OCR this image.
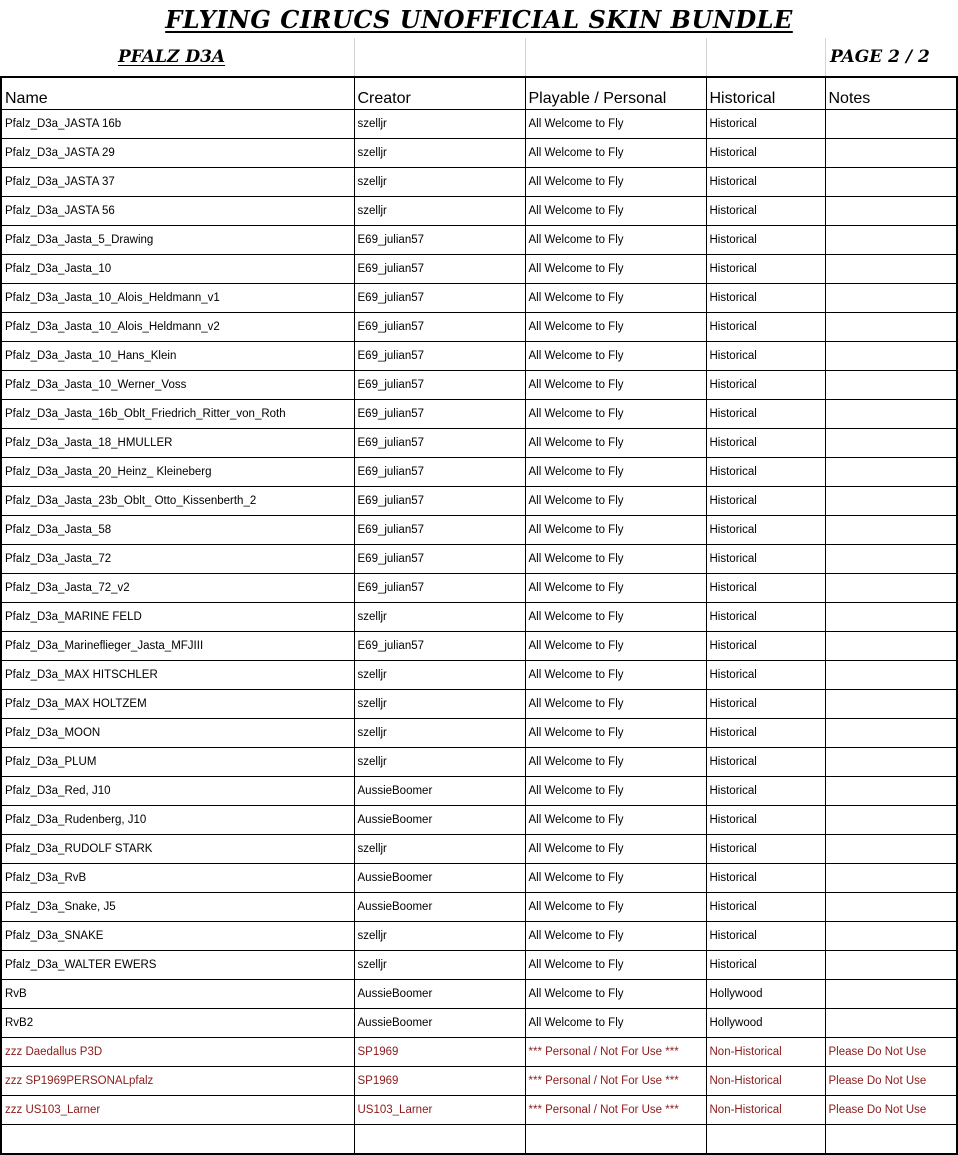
FLYING CIRUCS UNOFFICIAL SKIN BUNDLE
PFALZ D3A	PAGE 2 / 2
Name	Creator	Playable / Personal	Historical	Notes
Pfalz_D3a_JASTA 16b	szelljr	All Welcome to Fly	Historical	
Pfalz_D3a_JASTA 29	szelljr	All Welcome to Fly	Historical	
Pfalz_D3a_JASTA 37	szelljr	All Welcome to Fly	Historical	
Pfalz_D3a_JASTA 56	szelljr	All Welcome to Fly	Historical	
Pfalz_D3a_Jasta_5_Drawing	E69_julian57	All Welcome to Fly	Historical	
Pfalz_D3a_Jasta_10	E69_julian57	All Welcome to Fly	Historical	
Pfalz_D3a_Jasta_10_Alois_Heldmann_v1	E69_julian57	All Welcome to Fly	Historical	
Pfalz_D3a_Jasta_10_Alois_Heldmann_v2	E69_julian57	All Welcome to Fly	Historical	
Pfalz_D3a_Jasta_10_Hans_Klein	E69_julian57	All Welcome to Fly	Historical	
Pfalz_D3a_Jasta_10_Werner_Voss	E69_julian57	All Welcome to Fly	Historical	
Pfalz_D3a_Jasta_16b_Oblt_Friedrich_Ritter_von_Roth	E69_julian57	All Welcome to Fly	Historical	
Pfalz_D3a_Jasta_18_HMULLER	E69_julian57	All Welcome to Fly	Historical	
Pfalz_D3a_Jasta_20_Heinz_ Kleineberg	E69_julian57	All Welcome to Fly	Historical	
Pfalz_D3a_Jasta_23b_Oblt_ Otto_Kissenberth_2	E69_julian57	All Welcome to Fly	Historical	
Pfalz_D3a_Jasta_58	E69_julian57	All Welcome to Fly	Historical	
Pfalz_D3a_Jasta_72	E69_julian57	All Welcome to Fly	Historical	
Pfalz_D3a_Jasta_72_v2	E69_julian57	All Welcome to Fly	Historical	
Pfalz_D3a_MARINE FELD	szelljr	All Welcome to Fly	Historical	
Pfalz_D3a_Marineflieger_Jasta_MFJIII	E69_julian57	All Welcome to Fly	Historical	
Pfalz_D3a_MAX HITSCHLER	szelljr	All Welcome to Fly	Historical	
Pfalz_D3a_MAX HOLTZEM	szelljr	All Welcome to Fly	Historical	
Pfalz_D3a_MOON	szelljr	All Welcome to Fly	Historical	
Pfalz_D3a_PLUM	szelljr	All Welcome to Fly	Historical	
Pfalz_D3a_Red, J10	AussieBoomer	All Welcome to Fly	Historical	
Pfalz_D3a_Rudenberg, J10	AussieBoomer	All Welcome to Fly	Historical	
Pfalz_D3a_RUDOLF STARK	szelljr	All Welcome to Fly	Historical	
Pfalz_D3a_RvB	AussieBoomer	All Welcome to Fly	Historical	
Pfalz_D3a_Snake, J5	AussieBoomer	All Welcome to Fly	Historical	
Pfalz_D3a_SNAKE	szelljr	All Welcome to Fly	Historical	
Pfalz_D3a_WALTER EWERS	szelljr	All Welcome to Fly	Historical	
RvB	AussieBoomer	All Welcome to Fly	Hollywood	
RvB2	AussieBoomer	All Welcome to Fly	Hollywood	
zzz Daedallus P3D	SP1969	*** Personal / Not For Use ***	Non-Historical	Please Do Not Use
zzz SP1969PERSONALpfalz	SP1969	*** Personal / Not For Use ***	Non-Historical	Please Do Not Use
zzz US103_Larner	US103_Larner	*** Personal / Not For Use ***	Non-Historical	Please Do Not Use
